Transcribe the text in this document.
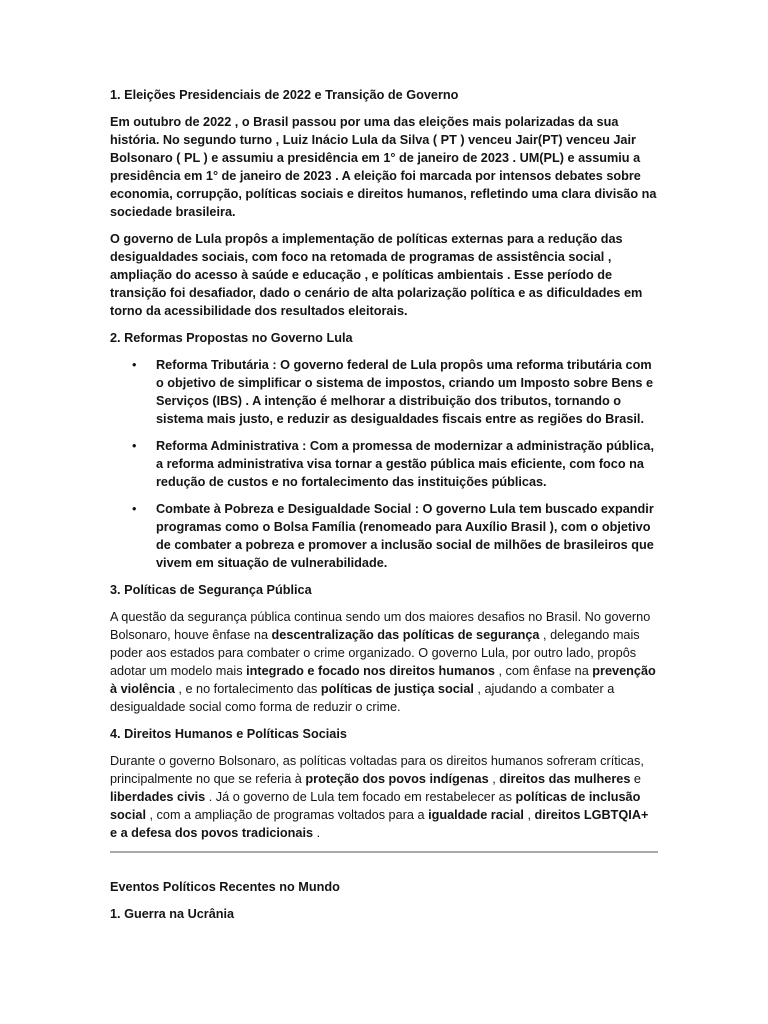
1. Eleições Presidenciais de 2022 e Transição de Governo

Em outubro de 2022 , o Brasil passou por uma das eleições mais polarizadas da sua história. No segundo turno , Luiz Inácio Lula da Silva ( PT ) venceu Jair(PT) venceu Jair Bolsonaro ( PL ) e assumiu a presidência em 1° de janeiro de 2023 . UM(PL) e assumiu a presidência em 1° de janeiro de 2023 . A eleição foi marcada por intensos debates sobre economia, corrupção, políticas sociais e direitos humanos, refletindo uma clara divisão na sociedade brasileira.

O governo de Lula propôs a implementação de políticas externas para a redução das desigualdades sociais, com foco na retomada de programas de assistência social , ampliação do acesso à saúde e educação , e políticas ambientais . Esse período de transição foi desafiador, dado o cenário de alta polarização política e as dificuldades em torno da acessibilidade dos resultados eleitorais.

2. Reformas Propostas no Governo Lula

• Reforma Tributária : O governo federal de Lula propôs uma reforma tributária com o objetivo de simplificar o sistema de impostos, criando um Imposto sobre Bens e Serviços (IBS) . A intenção é melhorar a distribuição dos tributos, tornando o sistema mais justo, e reduzir as desigualdades fiscais entre as regiões do Brasil.
• Reforma Administrativa : Com a promessa de modernizar a administração pública, a reforma administrativa visa tornar a gestão pública mais eficiente, com foco na redução de custos e no fortalecimento das instituições públicas.
• Combate à Pobreza e Desigualdade Social : O governo Lula tem buscado expandir programas como o Bolsa Família (renomeado para Auxílio Brasil ), com o objetivo de combater a pobreza e promover a inclusão social de milhões de brasileiros que vivem em situação de vulnerabilidade.

3. Políticas de Segurança Pública

A questão da segurança pública continua sendo um dos maiores desafios no Brasil. No governo Bolsonaro, houve ênfase na descentralização das políticas de segurança , delegando mais poder aos estados para combater o crime organizado. O governo Lula, por outro lado, propôs adotar um modelo mais integrado e focado nos direitos humanos , com ênfase na prevenção à violência , e no fortalecimento das políticas de justiça social , ajudando a combater a desigualdade social como forma de reduzir o crime.

4. Direitos Humanos e Políticas Sociais

Durante o governo Bolsonaro, as políticas voltadas para os direitos humanos sofreram críticas, principalmente no que se referia à proteção dos povos indígenas , direitos das mulheres e liberdades civis . Já o governo de Lula tem focado em restabelecer as políticas de inclusão social , com a ampliação de programas voltados para a igualdade racial , direitos LGBTQIA+ e a defesa dos povos tradicionais .

Eventos Políticos Recentes no Mundo

1. Guerra na Ucrânia
